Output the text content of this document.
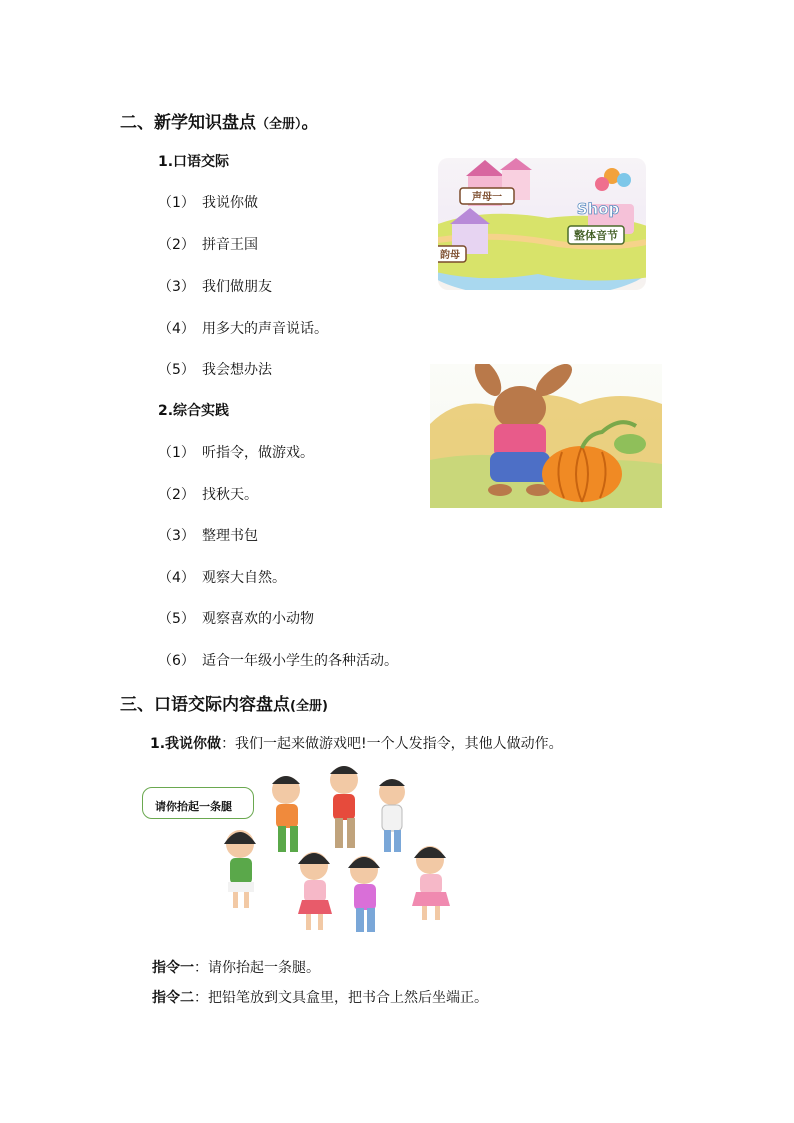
二、新学知识盘点（全册）。
1.口语交际
（1） 我说你做
（2） 拼音王国
（3） 我们做朋友
（4） 用多大的声音说话。
（5） 我会想办法
2.综合实践
（1） 听指令，做游戏。
（2） 找秋天。
（3） 整理书包
（4） 观察大自然。
（5） 观察喜欢的小动物
（6） 适合一年级小学生的各种活动。
声母一
Shop
整体音节
韵母
三、口语交际内容盘点(全册)
1.我说你做：我们一起来做游戏吧!一个人发指令，其他人做动作。
请你抬起一条腿
指令一：请你抬起一条腿。
指令二：把铅笔放到文具盒里，把书合上然后坐端正。
